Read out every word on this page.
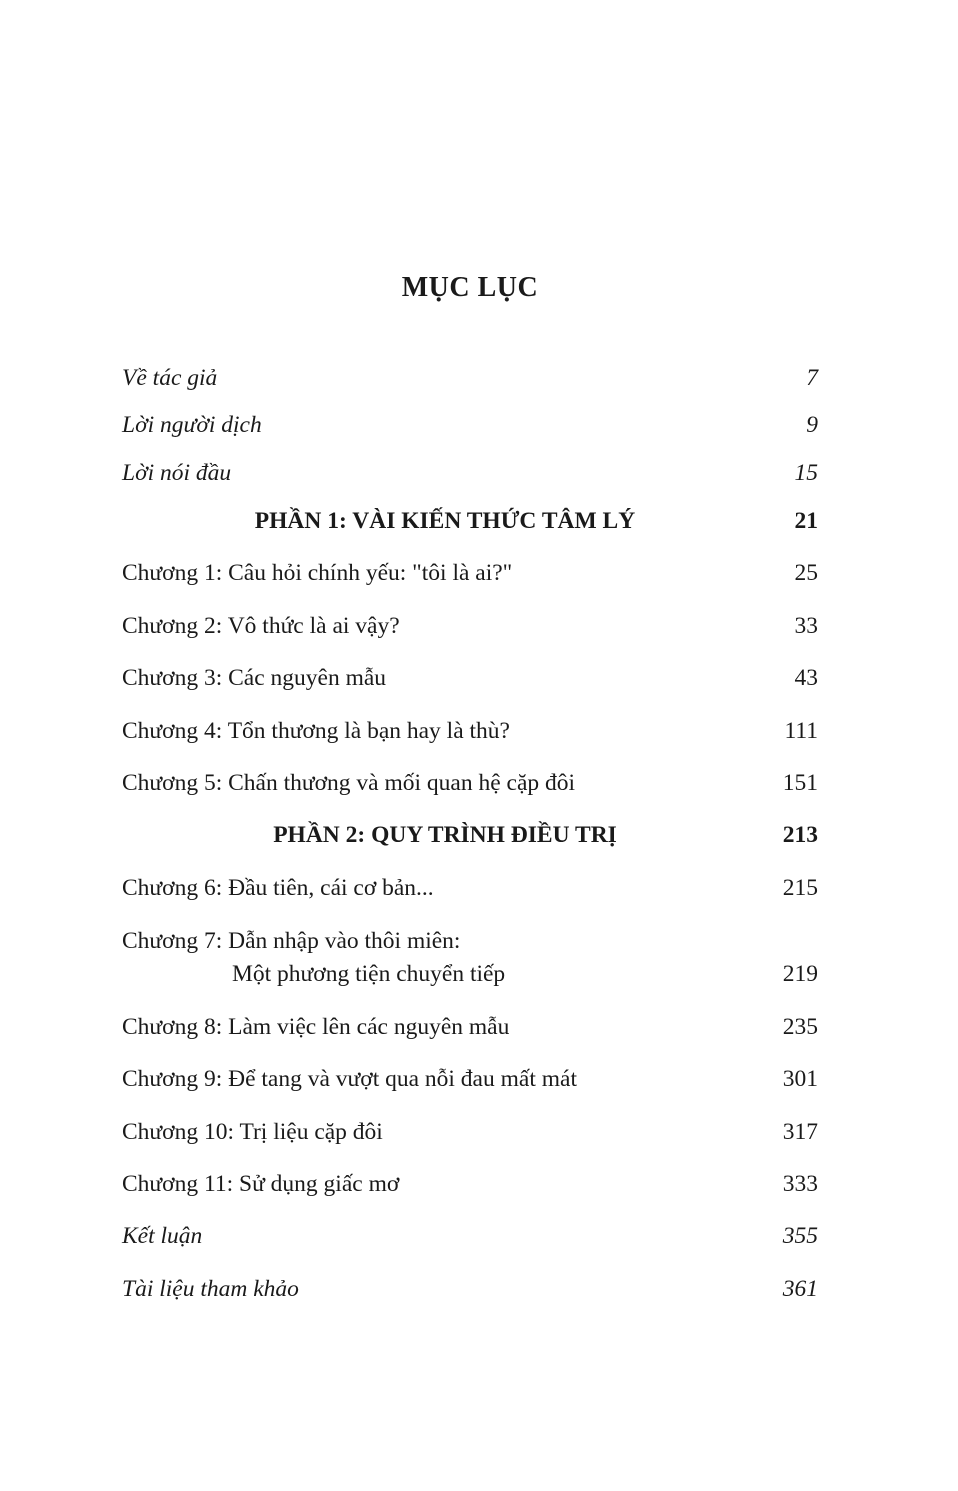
MỤC LỤC
Về tác giả	7
Lời người dịch	9
Lời nói đầu	15
PHẦN 1: VÀI KIẾN THỨC TÂM LÝ	21
Chương 1: Câu hỏi chính yếu: "tôi là ai?"	25
Chương 2: Vô thức là ai vậy?	33
Chương 3: Các nguyên mẫu	43
Chương 4: Tổn thương là bạn hay là thù?	111
Chương 5: Chấn thương và mối quan hệ cặp đôi	151
PHẦN 2: QUY TRÌNH ĐIỀU TRỊ	213
Chương 6: Đầu tiên, cái cơ bản...	215
Chương 7: Dẫn nhập vào thôi miên:
Một phương tiện chuyển tiếp	219
Chương 8: Làm việc lên các nguyên mẫu	235
Chương 9: Để tang và vượt qua nỗi đau mất mát	301
Chương 10: Trị liệu cặp đôi	317
Chương 11: Sử dụng giấc mơ	333
Kết luận	355
Tài liệu tham khảo	361
